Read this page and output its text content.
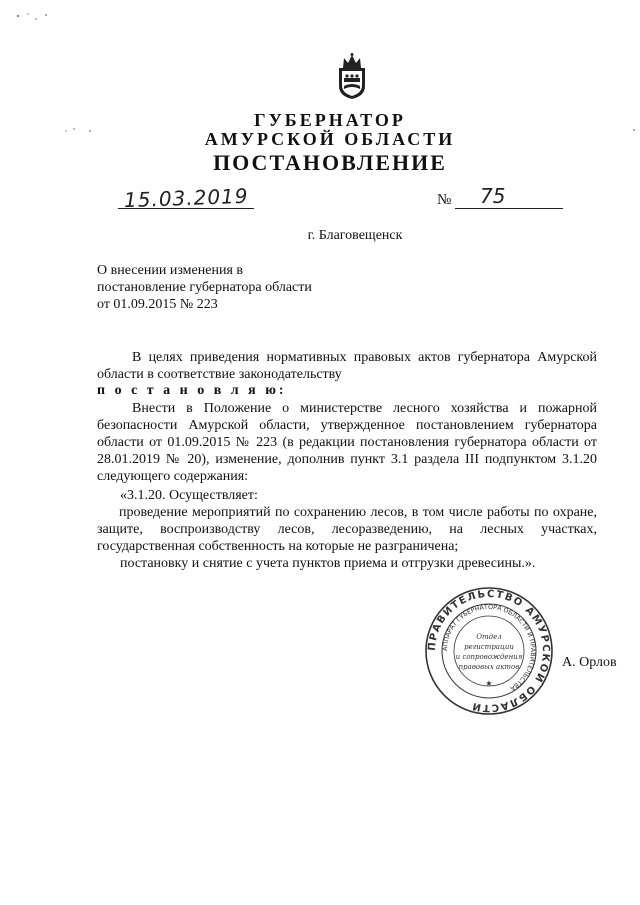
ГУБЕРНАТОР
АМУРСКОЙ ОБЛАСТИ
ПОСТАНОВЛЕНИЕ
15.03.2019	№ 75
г. Благовещенск
О внесении изменения в постановление губернатора области от 01.09.2015 № 223
В целях приведения нормативных правовых актов губернатора Амурской области в соответствие законодательству
п о с т а н о в л я ю:
Внести в Положение о министерстве лесного хозяйства и пожарной безопасности Амурской области, утвержденное постановлением губернатора области от 01.09.2015 № 223 (в редакции постановления губернатора области от 28.01.2019 № 20), изменение, дополнив пункт 3.1 раздела III подпунктом 3.1.20 следующего содержания:
«3.1.20. Осуществляет:
проведение мероприятий по сохранению лесов, в том числе работы по охране, защите, воспроизводству лесов, лесоразведению, на лесных участках, государственная собственность на которые не разграничена;
постановку и снятие с учета пунктов приема и отгрузки древесины.».
А. Орлов
ПРАВИТЕЛЬСТВО АМУРСКОЙ ОБЛАСТИ
АППАРАТ ГУБЕРНАТОРА ОБЛАСТИ И ПРАВИТЕЛЬСТВА
Отдел
регистрации
и сопровождения
правовых актов
★
